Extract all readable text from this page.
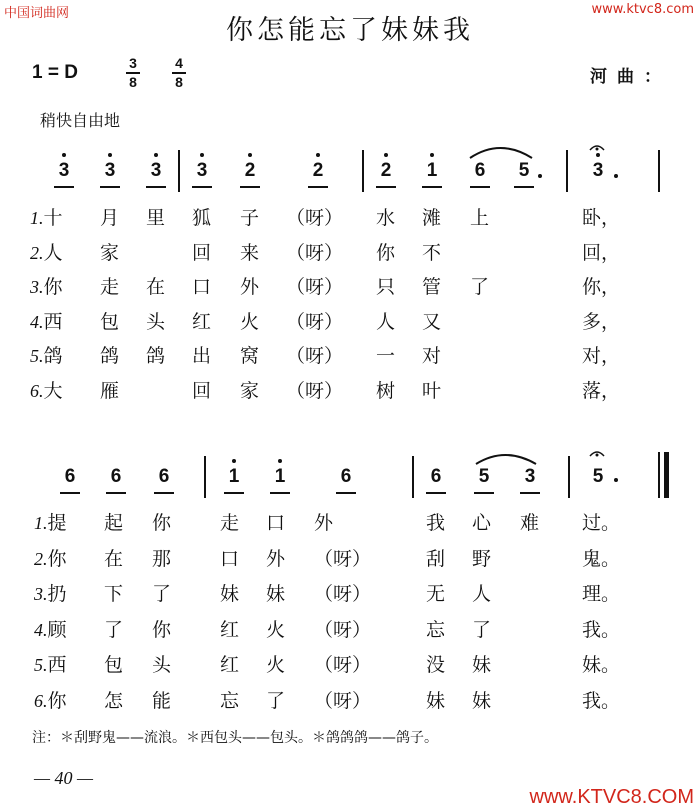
中国词曲网	www.ktvc8.com
你怎能忘了妹妹我
1 = D	3
8
4
8	河曲：
稍快自由地
3	3	3	3	2	2	2	1	6	5	3
6	6	6	1	1	6	6	5	3	5
1.十 月 里 狐 子 （呀） 水 滩 上	卧，
2.人 家	回 来 （呀） 你 不	回，
3.你 走 在 口 外 （呀） 只 管 了	你，
4.西 包 头 红 火 （呀） 人 又	多，
5.鸽 鸽 鸽 出 窝 （呀） 一 对	对，
6.大 雁	回 家 （呀） 树 叶	落，
1.提 起 你	走 口 外	我 心 难 过。
2.你 在 那	口 外 （呀）	刮 野	鬼。
3.扔 下 了	妹 妹 （呀）	无 人	理。
4.顾 了 你	红 火 （呀）	忘 了	我。
5.西 包 头	红 火 （呀）	没 妹	妹。
6.你 怎 能	忘 了 （呀）	妹 妹	我。
注：＊刮野鬼——流浪。＊西包头——包头。＊鸽鸽鸽——鸽子。
— 40 —
www.KTVC8.COM
